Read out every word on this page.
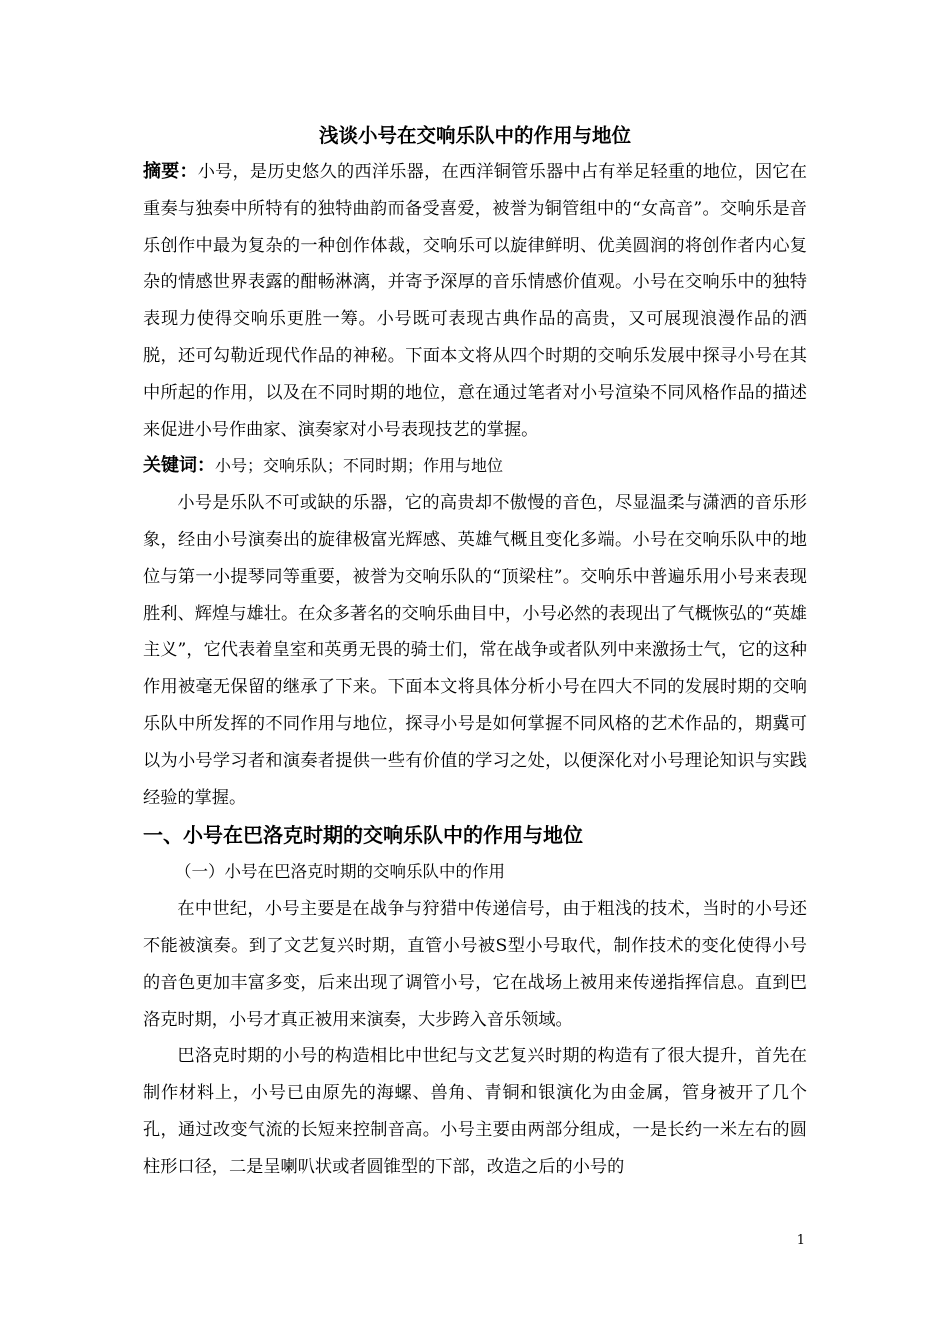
浅谈小号在交响乐队中的作用与地位

摘要：小号，是历史悠久的西洋乐器，在西洋铜管乐器中占有举足轻重的地位，因它在重奏与独奏中所特有的独特曲韵而备受喜爱，被誉为铜管组中的“女高音”。交响乐是音乐创作中最为复杂的一种创作体裁，交响乐可以旋律鲜明、优美圆润的将创作者内心复杂的情感世界表露的酣畅淋漓，并寄予深厚的音乐情感价值观。小号在交响乐中的独特表现力使得交响乐更胜一筹。小号既可表现古典作品的高贵，又可展现浪漫作品的洒脱，还可勾勒近现代作品的神秘。下面本文将从四个时期的交响乐发展中探寻小号在其中所起的作用，以及在不同时期的地位，意在通过笔者对小号渲染不同风格作品的描述来促进小号作曲家、演奏家对小号表现技艺的掌握。

关键词：小号；交响乐队；不同时期；作用与地位

小号是乐队不可或缺的乐器，它的高贵却不傲慢的音色，尽显温柔与潇洒的音乐形象，经由小号演奏出的旋律极富光辉感、英雄气概且变化多端。小号在交响乐队中的地位与第一小提琴同等重要，被誉为交响乐队的“顶梁柱”。交响乐中普遍乐用小号来表现胜利、辉煌与雄壮。在众多著名的交响乐曲目中，小号必然的表现出了气概恢弘的“英雄主义”，它代表着皇室和英勇无畏的骑士们，常在战争或者队列中来激扬士气，它的这种作用被毫无保留的继承了下来。下面本文将具体分析小号在四大不同的发展时期的交响乐队中所发挥的不同作用与地位，探寻小号是如何掌握不同风格的艺术作品的，期冀可以为小号学习者和演奏者提供一些有价值的学习之处，以便深化对小号理论知识与实践经验的掌握。

一、小号在巴洛克时期的交响乐队中的作用与地位

（一）小号在巴洛克时期的交响乐队中的作用

在中世纪，小号主要是在战争与狩猎中传递信号，由于粗浅的技术，当时的小号还不能被演奏。到了文艺复兴时期，直管小号被S型小号取代，制作技术的变化使得小号的音色更加丰富多变，后来出现了调管小号，它在战场上被用来传递指挥信息。直到巴洛克时期，小号才真正被用来演奏，大步跨入音乐领域。

巴洛克时期的小号的构造相比中世纪与文艺复兴时期的构造有了很大提升，首先在制作材料上，小号已由原先的海螺、兽角、青铜和银演化为由金属，管身被开了几个孔，通过改变气流的长短来控制音高。小号主要由两部分组成，一是长约一米左右的圆柱形口径，二是呈喇叭状或者圆锥型的下部，改造之后的小号的

1
